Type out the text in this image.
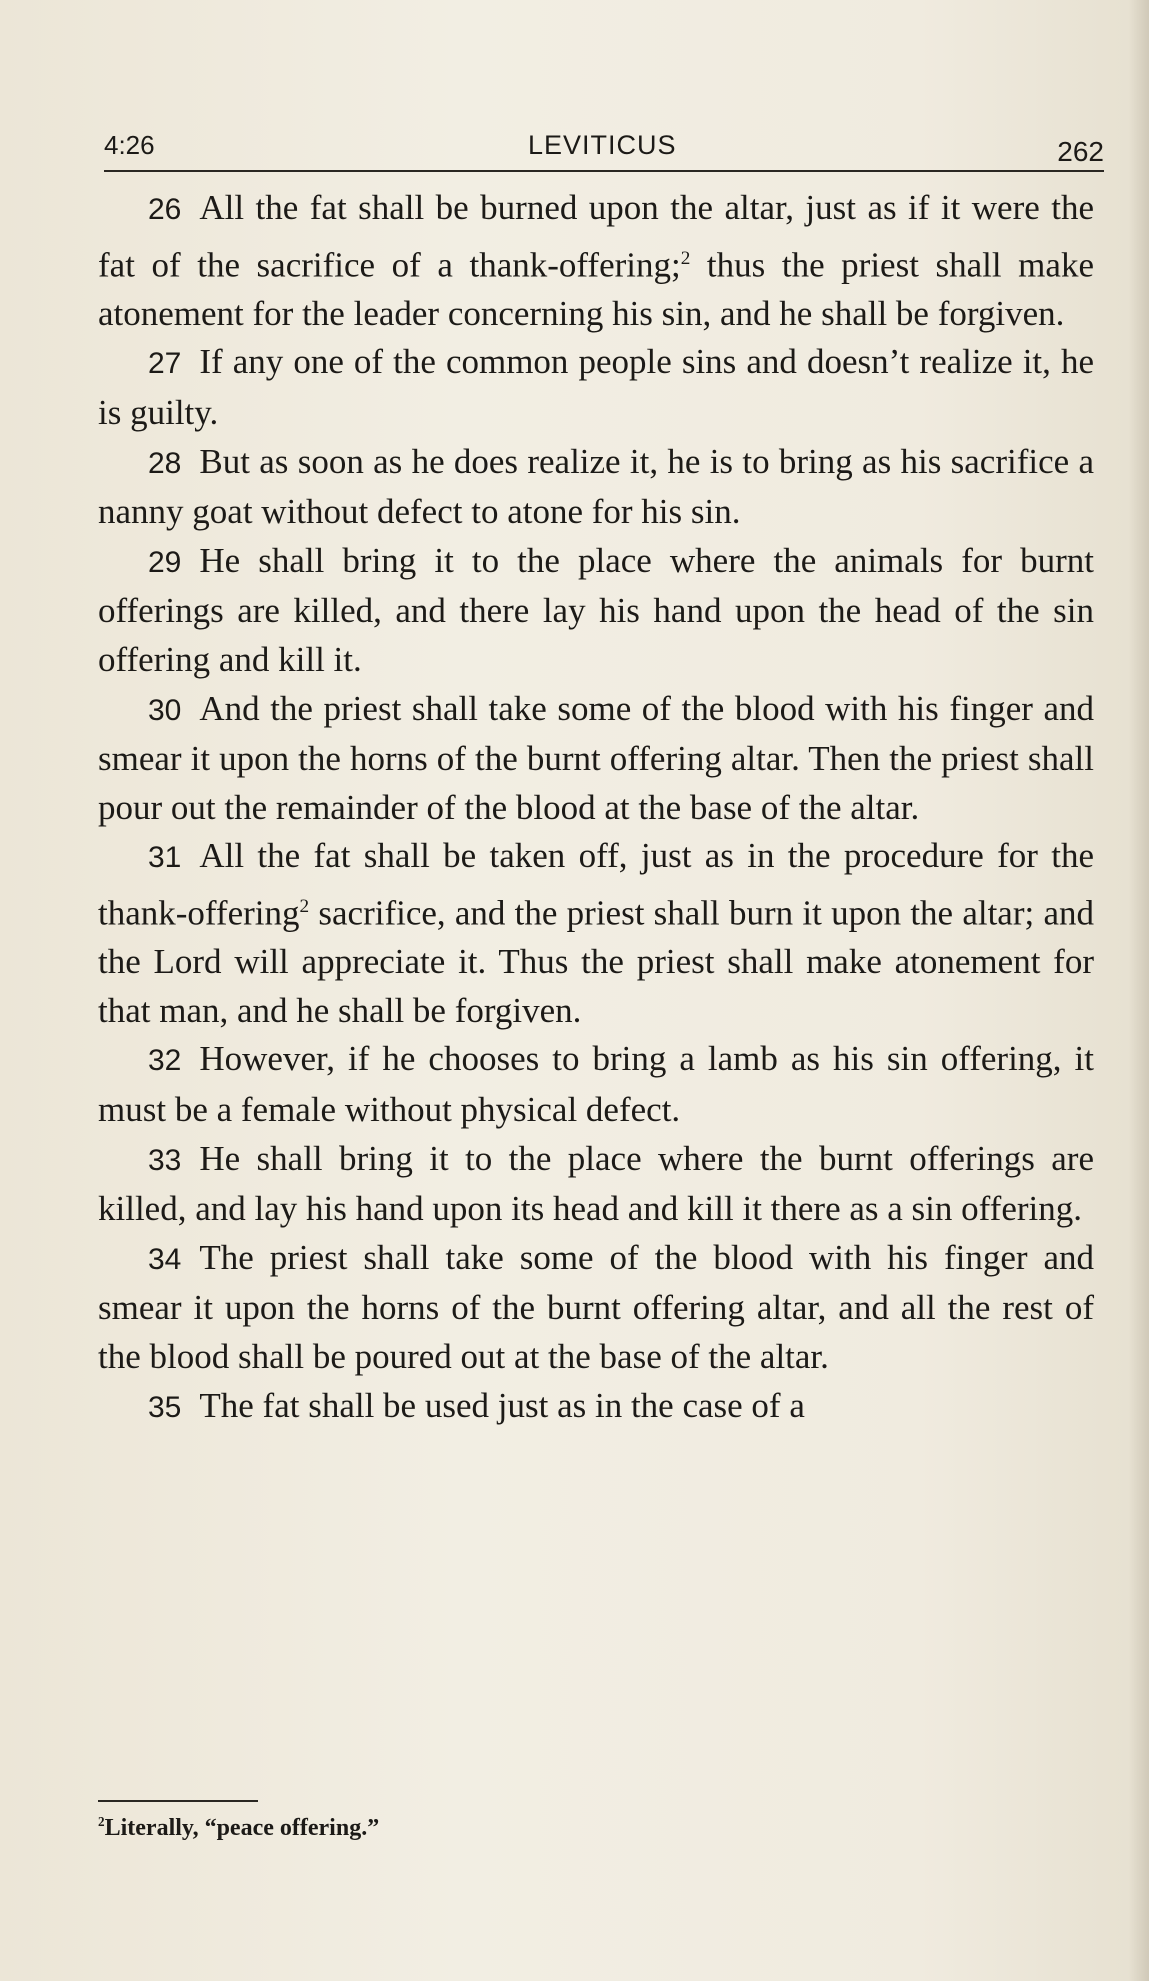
4:26	LEVITICUS	262

26 All the fat shall be burned upon the altar, just as if it were the fat of the sacrifice of a thank-offering;$^2$ thus the priest shall make atonement for the leader concerning his sin, and he shall be forgiven.

27 If any one of the common people sins and doesn’t realize it, he is guilty.

28 But as soon as he does realize it, he is to bring as his sacrifice a nanny goat without defect to atone for his sin.

29 He shall bring it to the place where the animals for burnt offerings are killed, and there lay his hand upon the head of the sin offering and kill it.

30 And the priest shall take some of the blood with his finger and smear it upon the horns of the burnt offering altar. Then the priest shall pour out the remainder of the blood at the base of the altar.

31 All the fat shall be taken off, just as in the procedure for the thank-offering$^2$ sacrifice, and the priest shall burn it upon the altar; and the Lord will appreciate it. Thus the priest shall make atonement for that man, and he shall be forgiven.

32 However, if he chooses to bring a lamb as his sin offering, it must be a female without physical defect.

33 He shall bring it to the place where the burnt offerings are killed, and lay his hand upon its head and kill it there as a sin offering.

34 The priest shall take some of the blood with his finger and smear it upon the horns of the burnt offering altar, and all the rest of the blood shall be poured out at the base of the altar.

35 The fat shall be used just as in the case of a

$^2$Literally, “peace offering.”
